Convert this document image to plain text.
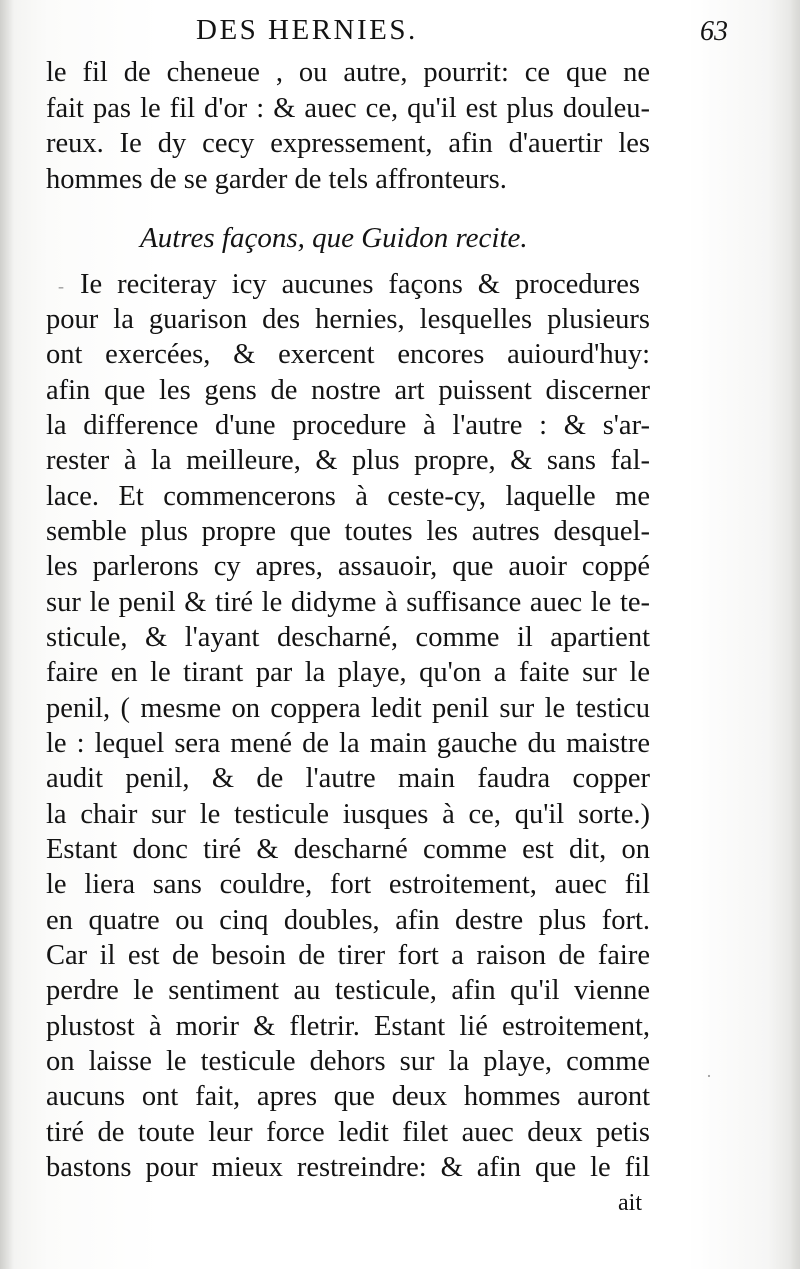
DES HERNIES.	63
le fil de cheneue , ou autre, pourrit: ce que ne
fait pas le fil d'or : & auec ce, qu'il est plus douleu-
reux. Ie dy cecy expressement, afin d'auertir les
hommes de se garder de tels affronteurs.
Autres façons, que Guidon recite.
Ie reciteray icy aucunes façons & procedures
pour la guarison des hernies, lesquelles plusieurs
ont exercées, & exercent encores auiourd'huy:
afin que les gens de nostre art puissent discerner
la difference d'une procedure à l'autre : & s'ar-
rester à la meilleure, & plus propre, & sans fal-
lace. Et commencerons à ceste-cy, laquelle me
semble plus propre que toutes les autres desquel-
les parlerons cy apres, assauoir, que auoir coppé
sur le penil & tiré le didyme à suffisance auec le te-
sticule, & l'ayant descharné, comme il apartient
faire en le tirant par la playe, qu'on a faite sur le
penil, ( mesme on coppera ledit penil sur le testicu
le : lequel sera mené de la main gauche du maistre
audit penil, & de l'autre main faudra copper
la chair sur le testicule iusques à ce, qu'il sorte.)
Estant donc tiré & descharné comme est dit, on
le liera sans couldre, fort estroitement, auec fil
en quatre ou cinq doubles, afin destre plus fort.
Car il est de besoin de tirer fort a raison de faire
perdre le sentiment au testicule, afin qu'il vienne
plustost à morir & fletrir. Estant lié estroitement,
on laisse le testicule dehors sur la playe, comme
aucuns ont fait, apres que deux hommes auront
tiré de toute leur force ledit filet auec deux petis
bastons pour mieux restreindre: & afin que le fil
ait
-
·
